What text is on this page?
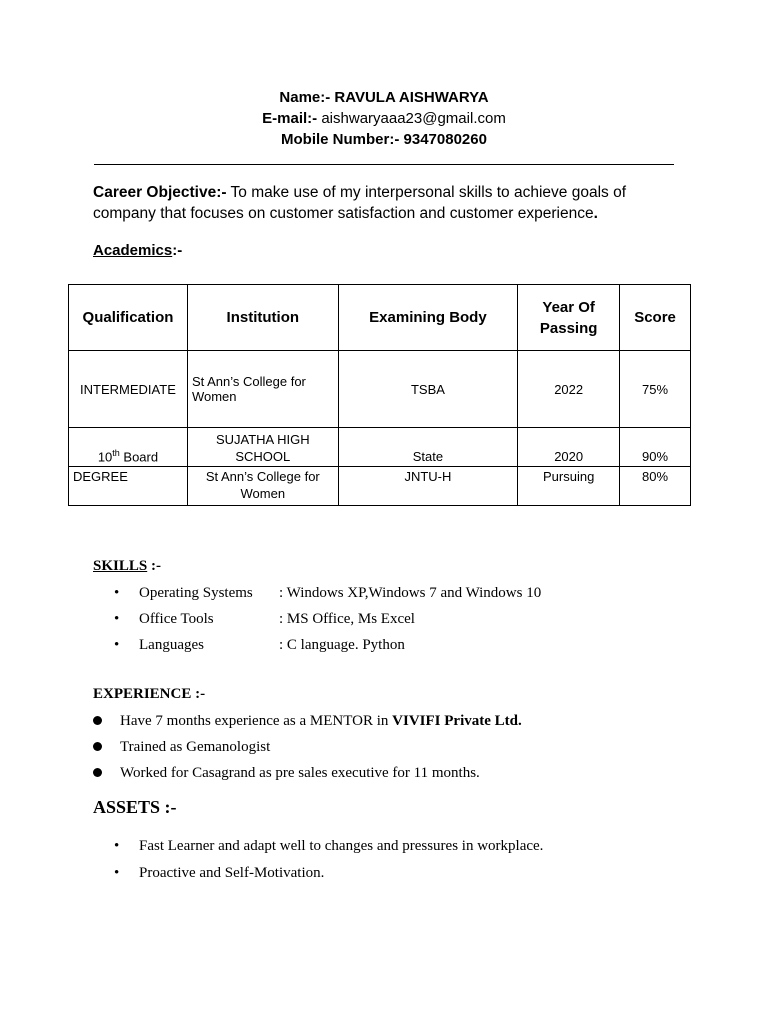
Name:- RAVULA AISHWARYA
E-mail:- aishwaryaaa23@gmail.com
Mobile Number:- 9347080260
Career Objective:- To make use of my interpersonal skills to achieve goals of company that focuses on customer satisfaction and customer experience.
Academics:-
Qualification	Institution	Examining Body	Year Of Passing	Score
INTERMEDIATE	St Ann’s College for Women	TSBA	2022	75%
10th Board	SUJATHA HIGH SCHOOL	State	2020	90%
DEGREE	St Ann’s College for Women	JNTU-H	Pursuing	80%
SKILLS :-
•	Operating Systems	: Windows XP,Windows 7 and Windows 10
•	Office Tools	: MS Office, Ms Excel
•	Languages	: C language. Python
EXPERIENCE :-
Have 7 months experience as a MENTOR in VIVIFI Private Ltd.
Trained as Gemanologist
Worked for Casagrand as pre sales executive for 11 months.
ASSETS :-
•	Fast Learner and adapt well to changes and pressures in workplace.
•	Proactive and Self-Motivation.
